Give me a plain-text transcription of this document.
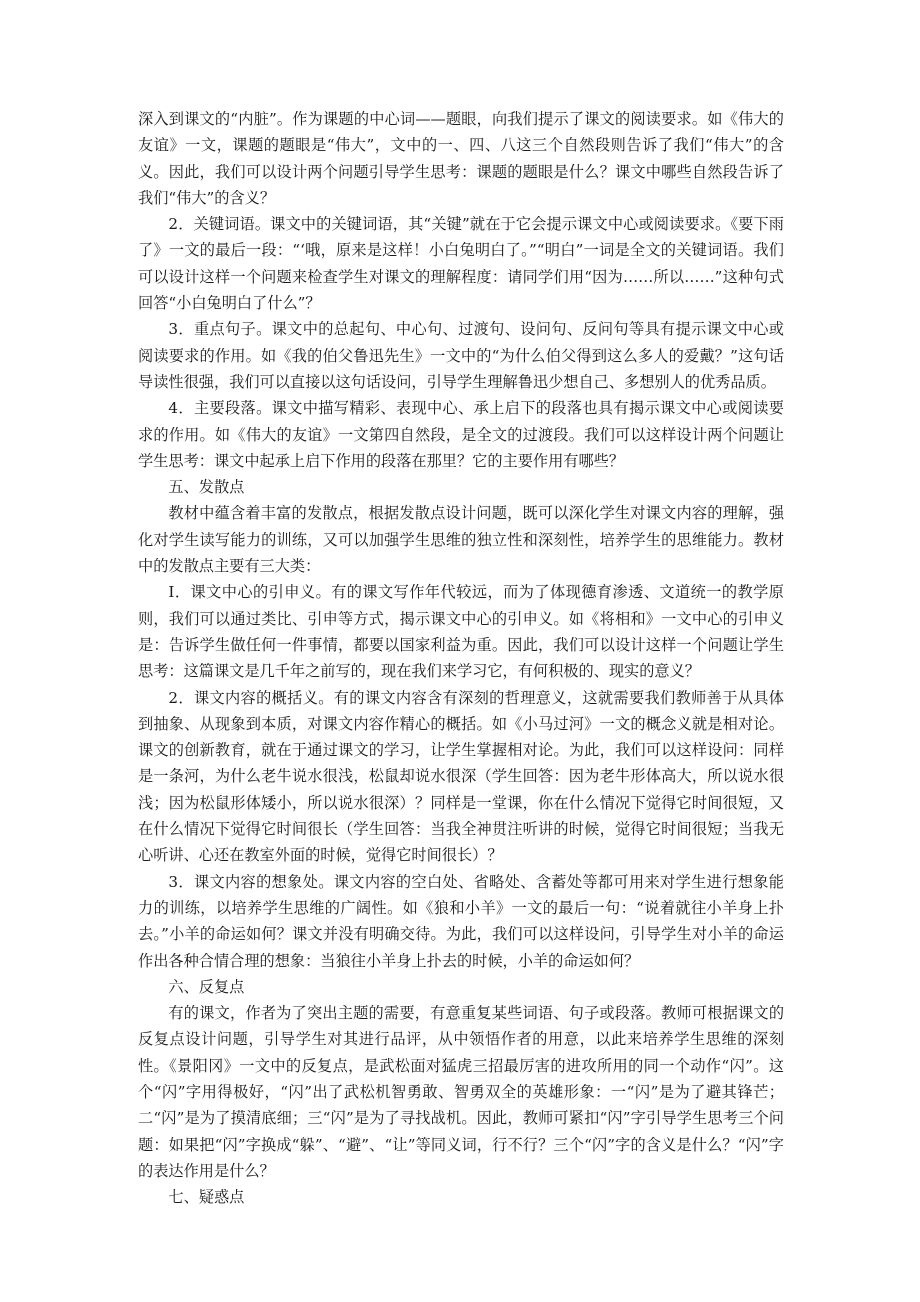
深入到课文的“内脏”。作为课题的中心词——题眼，向我们提示了课文的阅读要求。如《伟大的友谊》一文，课题的题眼是“伟大”，文中的一、四、八这三个自然段则告诉了我们“伟大”的含义。因此，我们可以设计两个问题引导学生思考：课题的题眼是什么？课文中哪些自然段告诉了我们“伟大”的含义？

2．关键词语。课文中的关键词语，其“关键”就在于它会提示课文中心或阅读要求。《要下雨了》一文的最后一段：“‘哦，原来是这样！小白兔明白了。”“明白”一词是全文的关键词语。我们可以设计这样一个问题来检查学生对课文的理解程度：请同学们用“因为……所以……”这种句式回答“小白兔明白了什么”？

3．重点句子。课文中的总起句、中心句、过渡句、设问句、反问句等具有提示课文中心或阅读要求的作用。如《我的伯父鲁迅先生》一文中的“为什么伯父得到这么多人的爱戴？”这句话导读性很强，我们可以直接以这句话设问，引导学生理解鲁迅少想自己、多想别人的优秀品质。

4．主要段落。课文中描写精彩、表现中心、承上启下的段落也具有揭示课文中心或阅读要求的作用。如《伟大的友谊》一文第四自然段，是全文的过渡段。我们可以这样设计两个问题让学生思考：课文中起承上启下作用的段落在那里？它的主要作用有哪些？

五、发散点

教材中蕴含着丰富的发散点，根据发散点设计问题，既可以深化学生对课文内容的理解，强化对学生读写能力的训练，又可以加强学生思维的独立性和深刻性，培养学生的思维能力。教材中的发散点主要有三大类：

I．课文中心的引申义。有的课文写作年代较远，而为了体现德育渗透、文道统一的教学原则，我们可以通过类比、引申等方式，揭示课文中心的引申义。如《将相和》一文中心的引申义是：告诉学生做任何一件事情，都要以国家利益为重。因此，我们可以设计这样一个问题让学生思考：这篇课文是几千年之前写的，现在我们来学习它，有何积极的、现实的意义？

2．课文内容的概括义。有的课文内容含有深刻的哲理意义，这就需要我们教师善于从具体到抽象、从现象到本质，对课文内容作精心的概括。如《小马过河》一文的概念义就是相对论。课文的创新教育，就在于通过课文的学习，让学生掌握相对论。为此，我们可以这样设问：同样是一条河，为什么老牛说水很浅，松鼠却说水很深（学生回答：因为老牛形体高大，所以说水很浅；因为松鼠形体矮小，所以说水很深）？同样是一堂课，你在什么情况下觉得它时间很短，又在什么情况下觉得它时间很长（学生回答：当我全神贯注听讲的时候，觉得它时间很短；当我无心听讲、心还在教室外面的时候，觉得它时间很长）？

3．课文内容的想象处。课文内容的空白处、省略处、含蓄处等都可用来对学生进行想象能力的训练，以培养学生思维的广阔性。如《狼和小羊》一文的最后一句：“说着就往小羊身上扑去。”小羊的命运如何？课文并没有明确交待。为此，我们可以这样设问，引导学生对小羊的命运作出各种合情合理的想象：当狼往小羊身上扑去的时候，小羊的命运如何？

六、反复点

有的课文，作者为了突出主题的需要，有意重复某些词语、句子或段落。教师可根据课文的反复点设计问题，引导学生对其进行品评，从中领悟作者的用意，以此来培养学生思维的深刻性。《景阳冈》一文中的反复点，是武松面对猛虎三招最厉害的进攻所用的同一个动作“闪”。这个“闪”字用得极好，“闪”出了武松机智勇敢、智勇双全的英雄形象：一“闪”是为了避其锋芒；二“闪”是为了摸清底细；三“闪”是为了寻找战机。因此，教师可紧扣“闪”字引导学生思考三个问题：如果把“闪”字换成“躲”、“避”、“让”等同义词，行不行？三个“闪”字的含义是什么？“闪”字的表达作用是什么？

七、疑惑点
